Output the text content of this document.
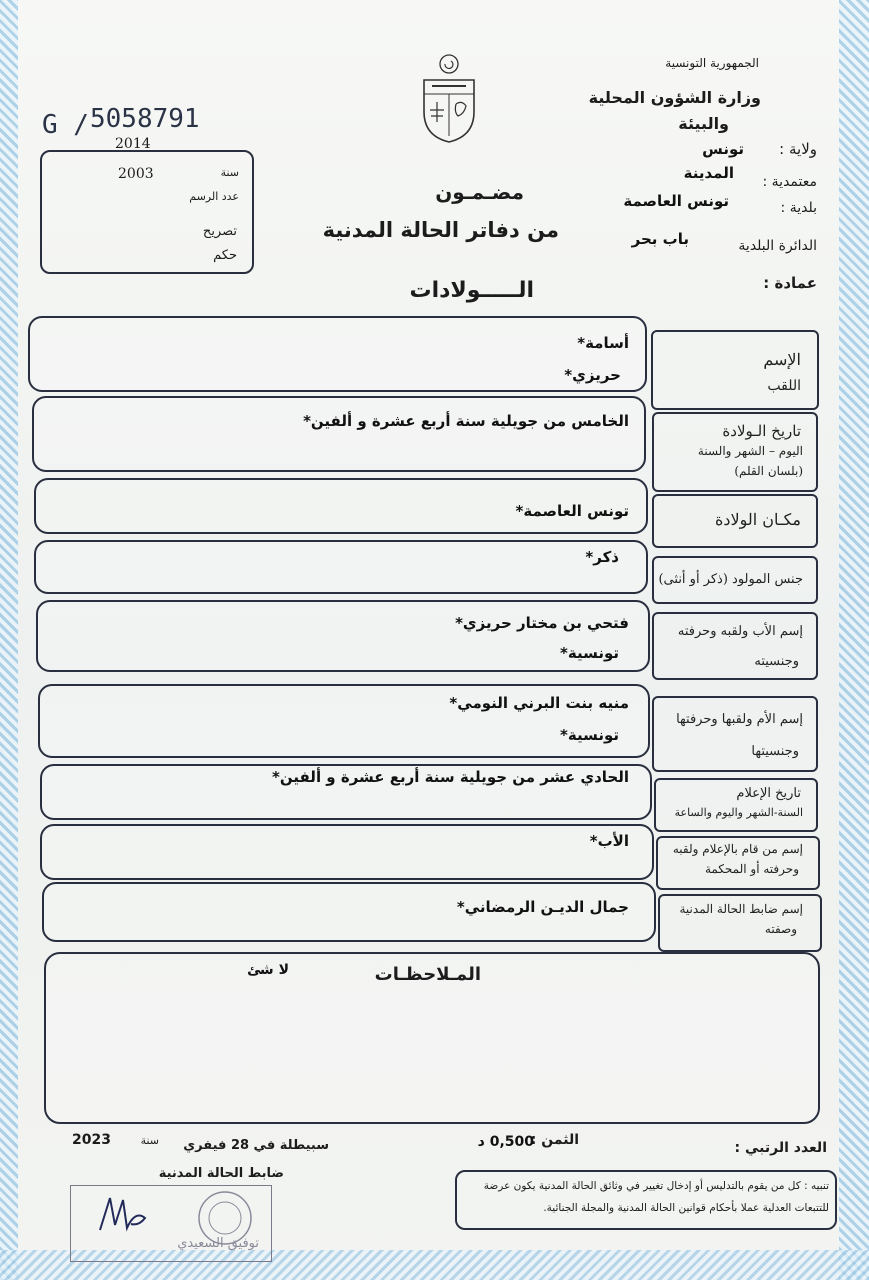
الجمهورية التونسية
وزارة الشؤون المحلية
والبيئة
ولاية :
تونس
معتمدية :
المدينة
بلدية :
تونس العاصمة
الدائرة البلدية
باب بحر
عمادة :
G / 5058791
2014
2003	سنة
عدد الرسم
تصريح
حكم
مضـمـون
من دفاتر الحالة المدنية
الـــــولادات
الإسم
اللقب
أسامة*
حريزي*
تاريخ الـولادة
اليوم – الشهر والسنة
(بلسان القلم)
الخامس من جويلية سنة أربع عشرة و ألفين*
مكـان الولادة
تونس العاصمة*
جنس المولود (ذكر أو أنثى)
ذكر*
إسم الأب ولقبه وحرفته
وجنسيته
فتحي بن مختار حريزي*
تونسية*
إسم الأم ولقبها وحرفتها
وجنسيتها
منيه بنت البرني النومي*
تونسية*
تاريخ الإعلام
السنة-الشهر واليوم والساعة
الحادي عشر من جويلية سنة أربع عشرة و ألفين*
إسم من قام بالإعلام ولقبه
وحرفته أو المحكمة
الأب*
إسم ضابط الحالة المدنية
وصفته
جمال الديـن الرمضاني*
المـلاحظـات
لا شئ
العدد الرتبي :
الثمن :
0,500 د
سبيطلة في 28 فيفري
سنة
2023
ضابط الحالة المدنية
تنبيه : كل من يقوم بالتدليس أو إدخال تغيير في وثائق الحالة المدنية يكون عرضة
للتتبعات العدلية عملا بأحكام قوانين الحالة المدنية والمجلة الجنائية.
توفيق السعيدي
